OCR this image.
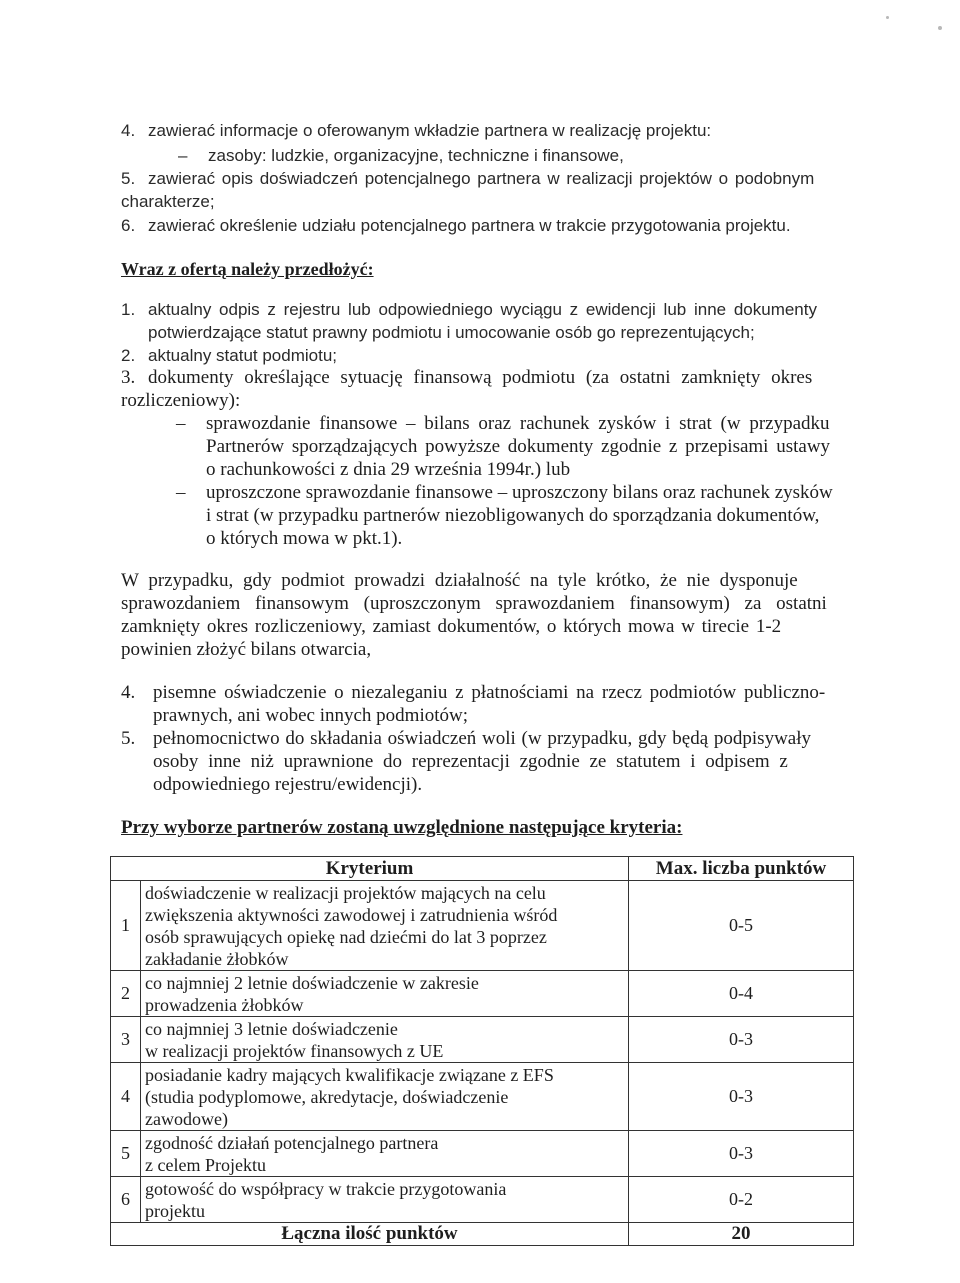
4. zawierać informacje o oferowanym wkładzie partnera w realizację projektu:
– zasoby: ludzkie, organizacyjne, techniczne i finansowe,
5. zawierać opis doświadczeń potencjalnego partnera w realizacji projektów o podobnym
charakterze;
6. zawierać określenie udziału potencjalnego partnera w trakcie przygotowania projektu.
Wraz z ofertą należy przedłożyć:
1. aktualny odpis z rejestru lub odpowiedniego wyciągu z ewidencji lub inne dokumenty
potwierdzające statut prawny podmiotu i umocowanie osób go reprezentujących;
2. aktualny statut podmiotu;
3. dokumenty określające sytuację finansową podmiotu (za ostatni zamknięty okres
rozliczeniowy):
– sprawozdanie finansowe – bilans oraz rachunek zysków i strat (w przypadku
Partnerów sporządzających powyższe dokumenty zgodnie z przepisami ustawy
o rachunkowości z dnia 29 września 1994r.) lub
– uproszczone sprawozdanie finansowe – uproszczony bilans oraz rachunek zysków
i strat (w przypadku partnerów niezobligowanych do sporządzania dokumentów,
o których mowa w pkt.1).
W przypadku, gdy podmiot prowadzi działalność na tyle krótko, że nie dysponuje
sprawozdaniem finansowym (uproszczonym sprawozdaniem finansowym) za ostatni
zamknięty okres rozliczeniowy, zamiast dokumentów, o których mowa w tirecie 1-2
powinien złożyć bilans otwarcia,
4. pisemne oświadczenie o niezaleganiu z płatnościami na rzecz podmiotów publiczno-
prawnych, ani wobec innych podmiotów;
5. pełnomocnictwo do składania oświadczeń woli (w przypadku, gdy będą podpisywały
osoby inne niż uprawnione do reprezentacji zgodnie ze statutem i odpisem z
odpowiedniego rejestru/ewidencji).
Przy wyborze partnerów zostaną uwzględnione następujące kryteria:
Kryterium		Max. liczba punktów
1	doświadczenie w realizacji projektów mających na celu
zwiększenia aktywności zawodowej i zatrudnienia wśród
osób sprawujących opiekę nad dziećmi do lat 3 poprzez
zakładanie żłobków	0-5
2	co najmniej 2 letnie doświadczenie w zakresie
prowadzenia żłobków	0-4
3	co najmniej 3 letnie doświadczenie
w realizacji projektów finansowych z UE	0-3
4	posiadanie kadry mających kwalifikacje związane z EFS
(studia podyplomowe, akredytacje, doświadczenie
zawodowe)	0-3
5	zgodność działań potencjalnego partnera
z celem Projektu	0-3
6	gotowość do współpracy w trakcie przygotowania
projektu	0-2
Łączna ilość punktów		20
